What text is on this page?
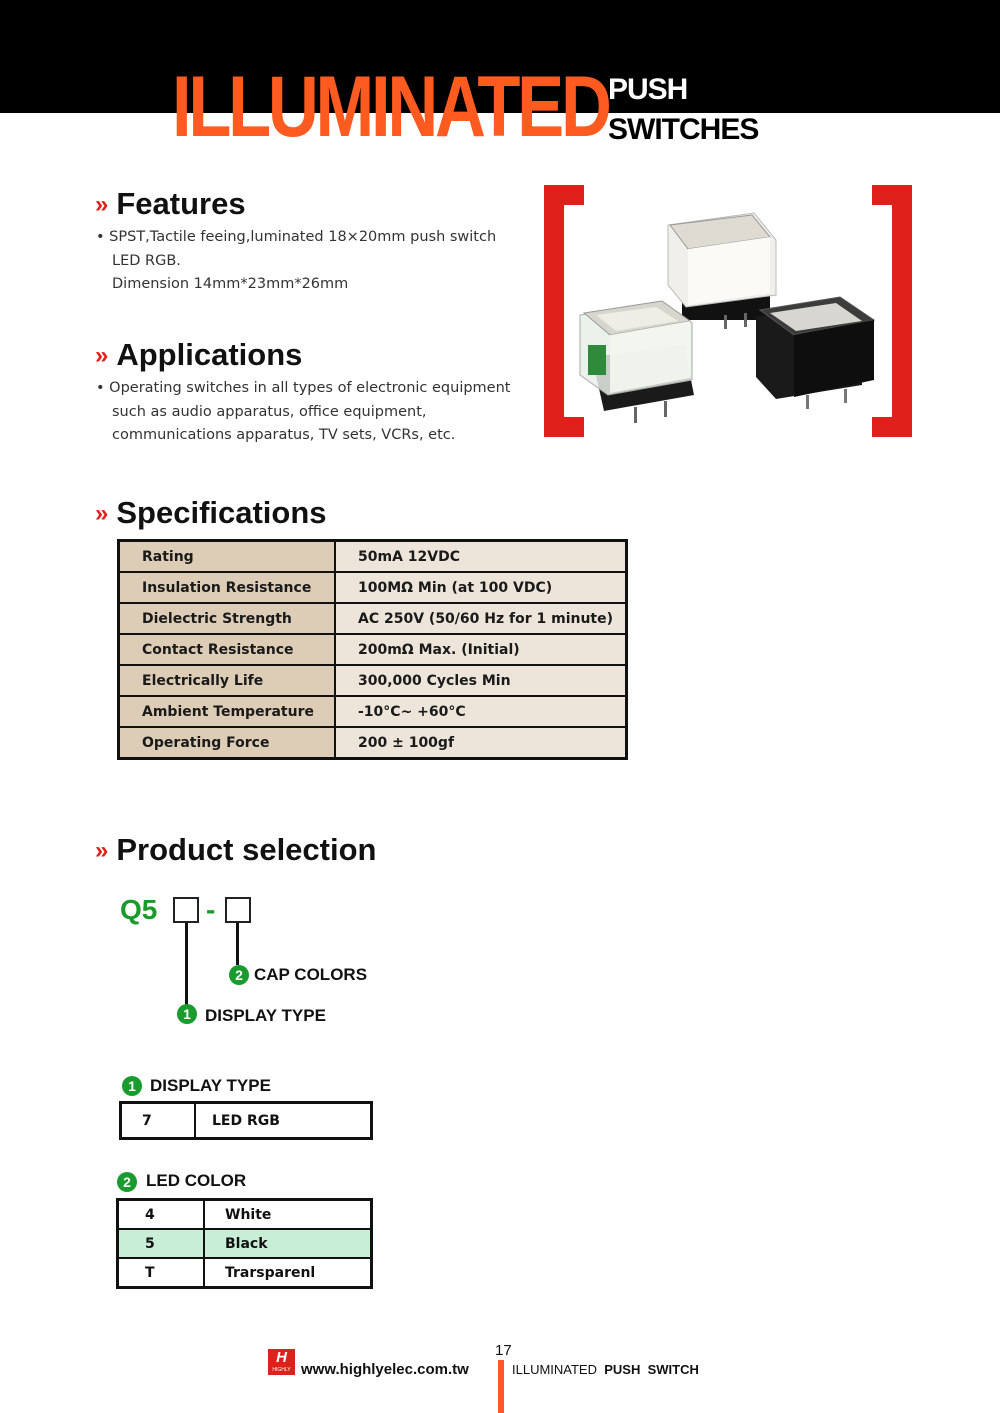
ILLUMINATED PUSH
SWITCHES
» Features
• SPST,Tactile feeing,luminated 18×20mm push switch
LED RGB.
Dimension 14mm*23mm*26mm
» Applications
• Operating switches in all types of electronic equipment
such as audio apparatus, office equipment,
communications apparatus, TV sets, VCRs, etc.
» Specifications
Rating	50mA 12VDC
Insulation Resistance	100MΩ Min (at 100 VDC)
Dielectric Strength	AC 250V (50/60 Hz for 1 minute)
Contact Resistance	200mΩ Max. (Initial)
Electrically Life	300,000 Cycles Min
Ambient Temperature	-10°C~ +60°C
Operating Force	200 ± 100gf
» Product selection
Q5 -
2 CAP COLORS
1 DISPLAY TYPE
1 DISPLAY TYPE
7	LED RGB
2 LED COLOR
4	White
5	Black
T	Trarsparenl
H
HIGHLY www.highlyelec.com.tw
17
ILLUMINATED PUSH SWITCH
